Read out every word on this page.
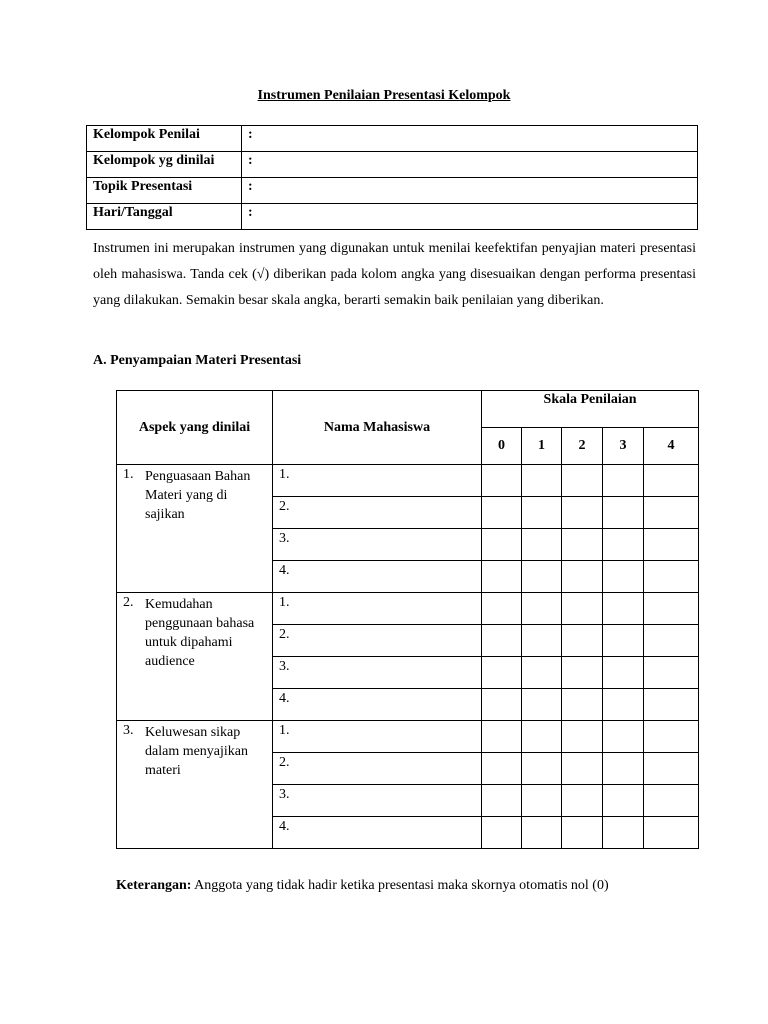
Instrumen Penilaian Presentasi Kelompok
Kelompok Penilai	:
Kelompok yg dinilai	:
Topik Presentasi	:
Hari/Tanggal	:
Instrumen ini merupakan instrumen yang digunakan untuk menilai keefektifan penyajian materi presentasi oleh mahasiswa. Tanda cek (√) diberikan pada kolom angka yang disesuaikan dengan performa presentasi yang dilakukan. Semakin besar skala angka, berarti semakin baik penilaian yang diberikan.
A. Penyampaian Materi Presentasi
Aspek yang dinilai	Nama Mahasiswa	Skala Penilaian				
		0	1	2	3	4
1. Penguasaan Bahan Materi yang di sajikan	1.					
	2.					
	3.					
	4.					
2. Kemudahan penggunaan bahasa untuk dipahami audience	1.					
	2.					
	3.					
	4.					
3. Keluwesan sikap dalam menyajikan materi	1.					
	2.					
	3.					
	4.					
Keterangan: Anggota yang tidak hadir ketika presentasi maka skornya otomatis nol (0)
